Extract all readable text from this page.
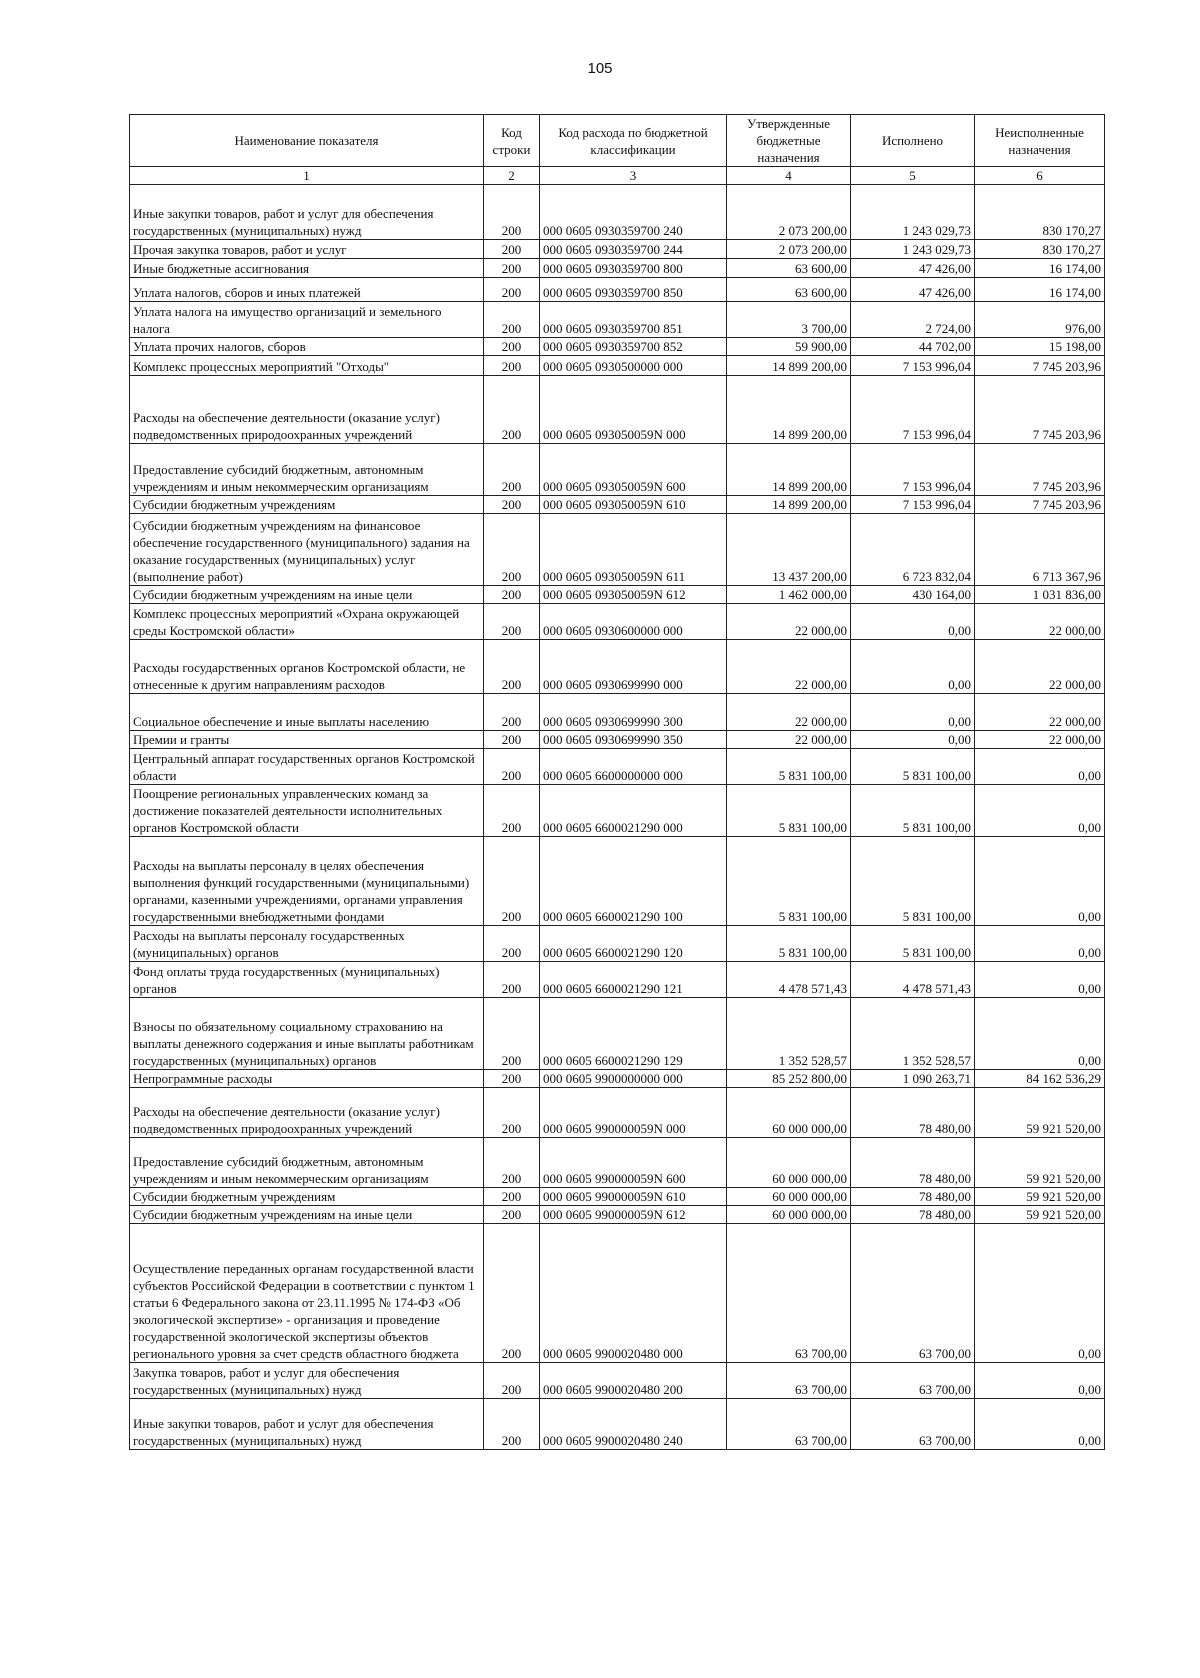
105
Наименование показателя	Код строки	Код расхода по бюджетной классификации	Утвержденные бюджетные назначения	Исполнено	Неисполненные назначения
1	2	3	4	5	6
Иные закупки товаров, работ и услуг для обеспечения государственных (муниципальных) нужд	200	000 0605 0930359700 240	2 073 200,00	1 243 029,73	830 170,27
Прочая закупка товаров, работ и услуг	200	000 0605 0930359700 244	2 073 200,00	1 243 029,73	830 170,27
Иные бюджетные ассигнования	200	000 0605 0930359700 800	63 600,00	47 426,00	16 174,00
Уплата налогов, сборов и иных платежей	200	000 0605 0930359700 850	63 600,00	47 426,00	16 174,00
Уплата налога на имущество организаций и земельного налога	200	000 0605 0930359700 851	3 700,00	2 724,00	976,00
Уплата прочих налогов, сборов	200	000 0605 0930359700 852	59 900,00	44 702,00	15 198,00
Комплекс процессных мероприятий "Отходы"	200	000 0605 0930500000 000	14 899 200,00	7 153 996,04	7 745 203,96
Расходы на обеспечение деятельности (оказание услуг) подведомственных природоохранных учреждений	200	000 0605 093050059N 000	14 899 200,00	7 153 996,04	7 745 203,96
Предоставление субсидий бюджетным, автономным учреждениям и иным некоммерческим организациям	200	000 0605 093050059N 600	14 899 200,00	7 153 996,04	7 745 203,96
Субсидии бюджетным учреждениям	200	000 0605 093050059N 610	14 899 200,00	7 153 996,04	7 745 203,96
Субсидии бюджетным учреждениям на финансовое обеспечение государственного (муниципального) задания на оказание государственных (муниципальных) услуг (выполнение работ)	200	000 0605 093050059N 611	13 437 200,00	6 723 832,04	6 713 367,96
Субсидии бюджетным учреждениям на иные цели	200	000 0605 093050059N 612	1 462 000,00	430 164,00	1 031 836,00
Комплекс процессных мероприятий «Охрана окружающей среды Костромской области»	200	000 0605 0930600000 000	22 000,00	0,00	22 000,00
Расходы государственных органов Костромской области, не отнесенные к другим направлениям расходов	200	000 0605 0930699990 000	22 000,00	0,00	22 000,00
Социальное обеспечение и иные выплаты населению	200	000 0605 0930699990 300	22 000,00	0,00	22 000,00
Премии и гранты	200	000 0605 0930699990 350	22 000,00	0,00	22 000,00
Центральный аппарат государственных органов Костромской области	200	000 0605 6600000000 000	5 831 100,00	5 831 100,00	0,00
Поощрение региональных управленческих команд за достижение показателей деятельности исполнительных органов Костромской области	200	000 0605 6600021290 000	5 831 100,00	5 831 100,00	0,00
Расходы на выплаты персоналу в целях обеспечения выполнения функций государственными (муниципальными) органами, казенными учреждениями, органами управления государственными внебюджетными фондами	200	000 0605 6600021290 100	5 831 100,00	5 831 100,00	0,00
Расходы на выплаты персоналу государственных (муниципальных) органов	200	000 0605 6600021290 120	5 831 100,00	5 831 100,00	0,00
Фонд оплаты труда государственных (муниципальных) органов	200	000 0605 6600021290 121	4 478 571,43	4 478 571,43	0,00
Взносы по обязательному социальному страхованию на выплаты денежного содержания и иные выплаты работникам государственных (муниципальных) органов	200	000 0605 6600021290 129	1 352 528,57	1 352 528,57	0,00
Непрограммные расходы	200	000 0605 9900000000 000	85 252 800,00	1 090 263,71	84 162 536,29
Расходы на обеспечение деятельности (оказание услуг) подведомственных природоохранных учреждений	200	000 0605 990000059N 000	60 000 000,00	78 480,00	59 921 520,00
Предоставление субсидий бюджетным, автономным учреждениям и иным некоммерческим организациям	200	000 0605 990000059N 600	60 000 000,00	78 480,00	59 921 520,00
Субсидии бюджетным учреждениям	200	000 0605 990000059N 610	60 000 000,00	78 480,00	59 921 520,00
Субсидии бюджетным учреждениям на иные цели	200	000 0605 990000059N 612	60 000 000,00	78 480,00	59 921 520,00
Осуществление переданных органам государственной власти субъектов Российской Федерации в соответствии с пунктом 1 статьи 6 Федерального закона от 23.11.1995 № 174-ФЗ «Об экологической экспертизе» - организация и проведение государственной экологической экспертизы объектов регионального уровня за счет средств областного бюджета	200	000 0605 9900020480 000	63 700,00	63 700,00	0,00
Закупка товаров, работ и услуг для обеспечения государственных (муниципальных) нужд	200	000 0605 9900020480 200	63 700,00	63 700,00	0,00
Иные закупки товаров, работ и услуг для обеспечения государственных (муниципальных) нужд	200	000 0605 9900020480 240	63 700,00	63 700,00	0,00
